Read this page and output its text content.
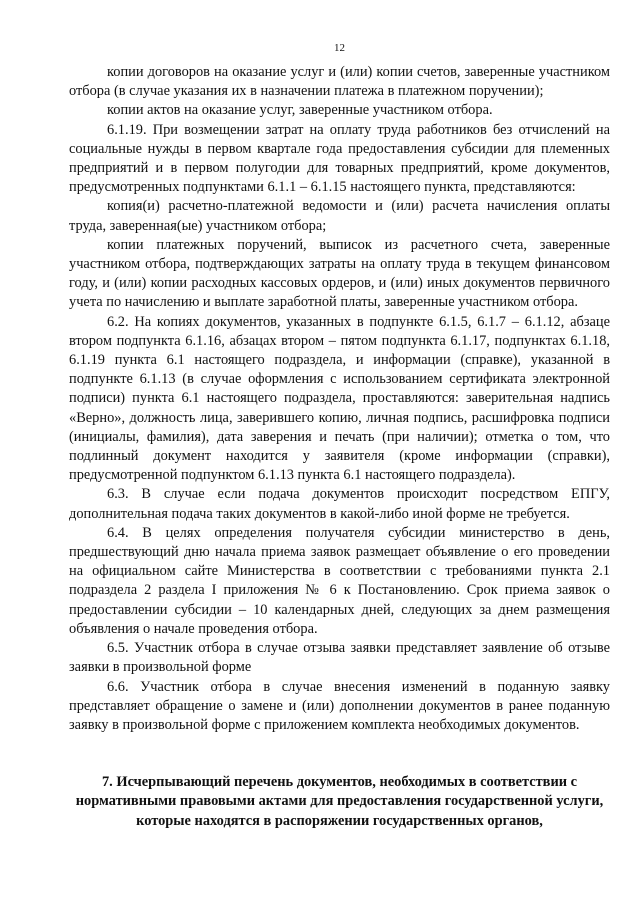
12

копии договоров на оказание услуг и (или) копии счетов, заверенные участником отбора (в случае указания их в назначении платежа в платежном поручении);

копии актов на оказание услуг, заверенные участником отбора.

6.1.19. При возмещении затрат на оплату труда работников без отчислений на социальные нужды в первом квартале года предоставления субсидии для племенных предприятий и в первом полугодии для товарных предприятий, кроме документов, предусмотренных подпунктами 6.1.1 – 6.1.15 настоящего пункта, представляются:

копия(и) расчетно-платежной ведомости и (или) расчета начисления оплаты труда, заверенная(ые) участником отбора;

копии платежных поручений, выписок из расчетного счета, заверенные участником отбора, подтверждающих затраты на оплату труда в текущем финансовом году, и (или) копии расходных кассовых ордеров, и (или) иных документов первичного учета по начислению и выплате заработной платы, заверенные участником отбора.

6.2. На копиях документов, указанных в подпункте 6.1.5, 6.1.7 – 6.1.12, абзаце втором подпункта 6.1.16, абзацах втором – пятом подпункта 6.1.17, подпунктах 6.1.18, 6.1.19 пункта 6.1 настоящего подраздела, и информации (справке), указанной в подпункте 6.1.13 (в случае оформления с использованием сертификата электронной подписи) пункта 6.1 настоящего подраздела, проставляются: заверительная надпись «Верно», должность лица, заверившего копию, личная подпись, расшифровка подписи (инициалы, фамилия), дата заверения и печать (при наличии); отметка о том, что подлинный документ находится у заявителя (кроме информации (справки), предусмотренной подпунктом 6.1.13 пункта 6.1 настоящего подраздела).

6.3. В случае если подача документов происходит посредством ЕПГУ, дополнительная подача таких документов в какой-либо иной форме не требуется.

6.4. В целях определения получателя субсидии министерство в день, предшествующий дню начала приема заявок размещает объявление о его проведении на официальном сайте Министерства в соответствии с требованиями пункта 2.1 подраздела 2 раздела I приложения № 6 к Постановлению. Срок приема заявок о предоставлении субсидии – 10 календарных дней, следующих за днем размещения объявления о начале проведения отбора.

6.5. Участник отбора в случае отзыва заявки представляет заявление об отзыве заявки в произвольной форме

6.6. Участник отбора в случае внесения изменений в поданную заявку представляет обращение о замене и (или) дополнении документов в ранее поданную заявку в произвольной форме с приложением комплекта необходимых документов.

7. Исчерпывающий перечень документов, необходимых в соответствии с нормативными правовыми актами для предоставления государственной услуги, которые находятся в распоряжении государственных органов,
